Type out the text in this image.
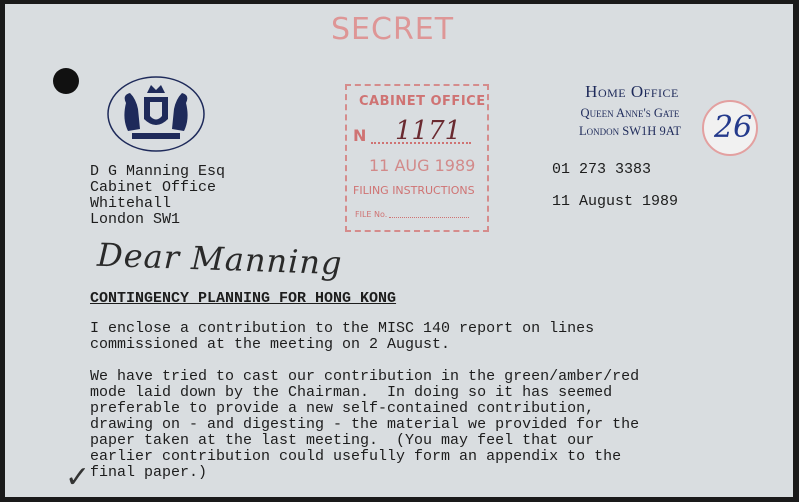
SECRET
CABINET OFFICE
N 1171
11 AUG 1989
FILING INSTRUCTIONS
FILE No.
Home Office
Queen Anne's Gate
London SW1H 9AT	26
D G Manning Esq
Cabinet Office
Whitehall
London SW1
01 273 3383
11 August 1989
Dear Manning
CONTINGENCY PLANNING FOR HONG KONG
I enclose a contribution to the MISC 140 report on lines
commissioned at the meeting on 2 August.
We have tried to cast our contribution in the green/amber/red
mode laid down by the Chairman.  In doing so it has seemed
preferable to provide a new self-contained contribution,
drawing on - and digesting - the material we provided for the
paper taken at the last meeting.  (You may feel that our
earlier contribution could usefully form an appendix to the
final paper.)
✓
